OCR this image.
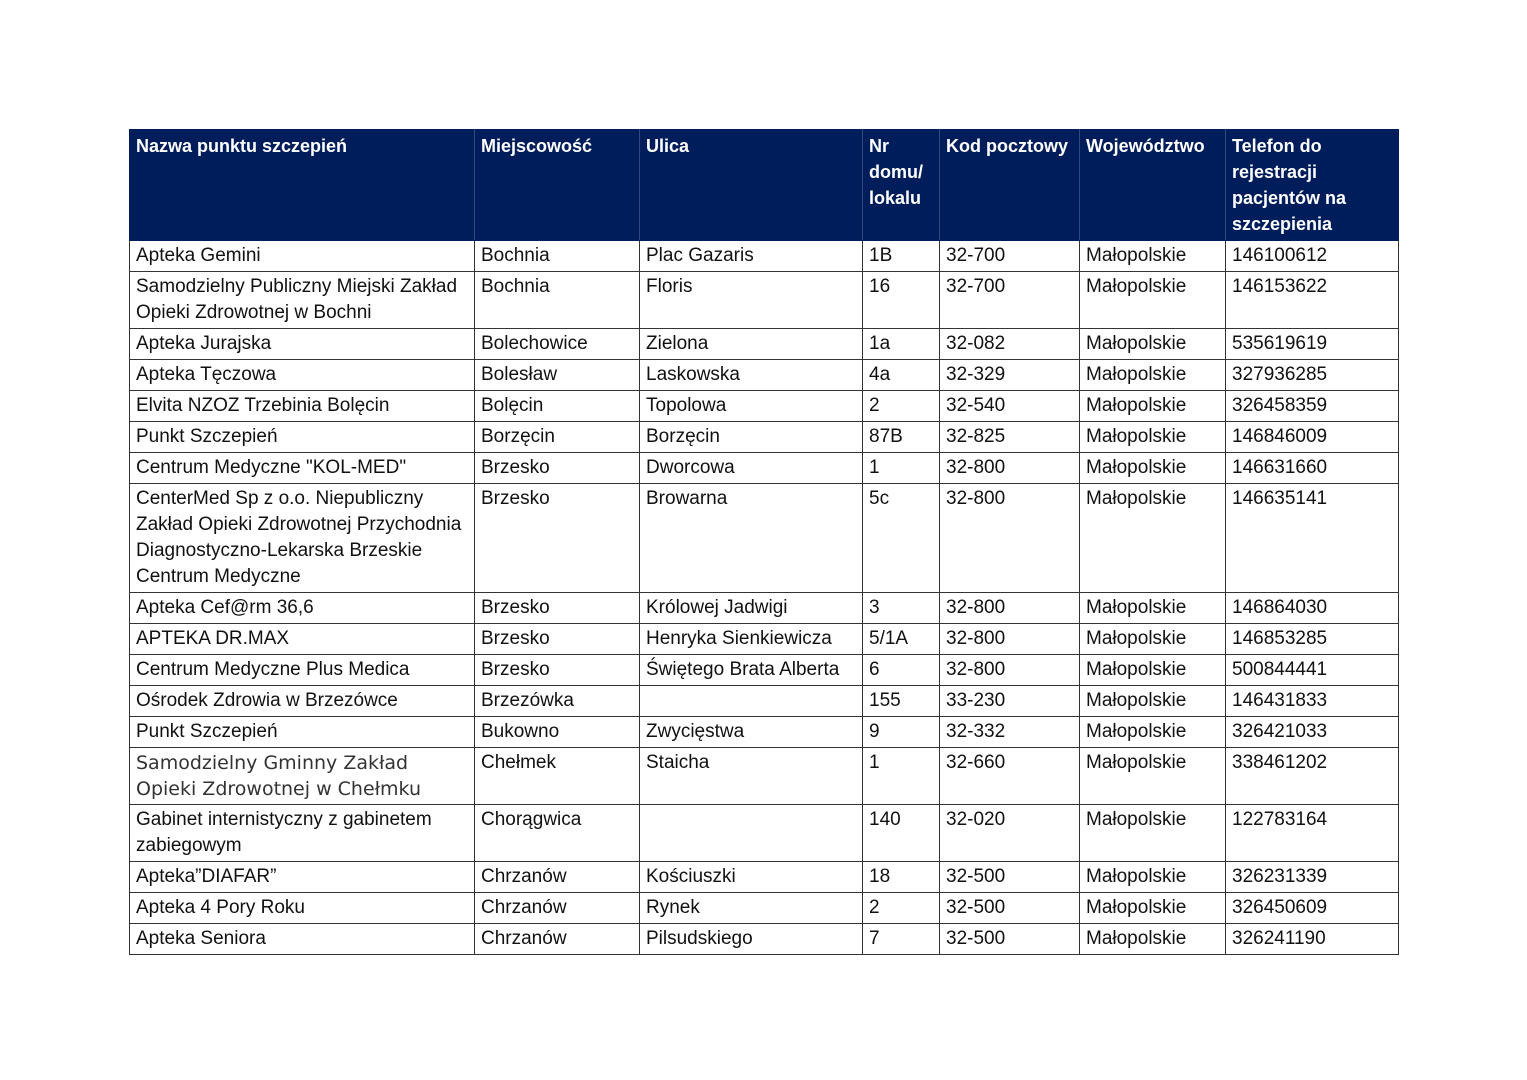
Nazwa punktu szczepień	Miejscowość	Ulica	Nr domu/ lokalu	Kod pocztowy	Województwo	Telefon do rejestracji pacjentów na szczepienia
Apteka Gemini	Bochnia	Plac Gazaris	1B	32-700	Małopolskie	146100612
Samodzielny Publiczny Miejski Zakład Opieki Zdrowotnej w Bochni	Bochnia	Floris	16	32-700	Małopolskie	146153622
Apteka Jurajska	Bolechowice	Zielona	1a	32-082	Małopolskie	535619619
Apteka Tęczowa	Bolesław	Laskowska	4a	32-329	Małopolskie	327936285
Elvita NZOZ Trzebinia Bolęcin	Bolęcin	Topolowa	2	32-540	Małopolskie	326458359
Punkt Szczepień	Borzęcin	Borzęcin	87B	32-825	Małopolskie	146846009
Centrum Medyczne "KOL-MED"	Brzesko	Dworcowa	1	32-800	Małopolskie	146631660
CenterMed Sp z o.o. Niepubliczny Zakład Opieki Zdrowotnej Przychodnia Diagnostyczno-Lekarska Brzeskie Centrum Medyczne	Brzesko	Browarna	5c	32-800	Małopolskie	146635141
Apteka Cef@rm 36,6	Brzesko	Królowej Jadwigi	3	32-800	Małopolskie	146864030
APTEKA DR.MAX	Brzesko	Henryka Sienkiewicza	5/1A	32-800	Małopolskie	146853285
Centrum Medyczne Plus Medica	Brzesko	Świętego Brata Alberta	6	32-800	Małopolskie	500844441
Ośrodek Zdrowia w Brzezówce	Brzezówka		155	33-230	Małopolskie	146431833
Punkt Szczepień	Bukowno	Zwycięstwa	9	32-332	Małopolskie	326421033
Samodzielny Gminny Zakład Opieki Zdrowotnej w Chełmku	Chełmek	Staicha	1	32-660	Małopolskie	338461202
Gabinet internistyczny z gabinetem zabiegowym	Chorągwica		140	32-020	Małopolskie	122783164
Apteka”DIAFAR”	Chrzanów	Kościuszki	18	32-500	Małopolskie	326231339
Apteka 4 Pory Roku	Chrzanów	Rynek	2	32-500	Małopolskie	326450609
Apteka Seniora	Chrzanów	Pilsudskiego	7	32-500	Małopolskie	326241190
